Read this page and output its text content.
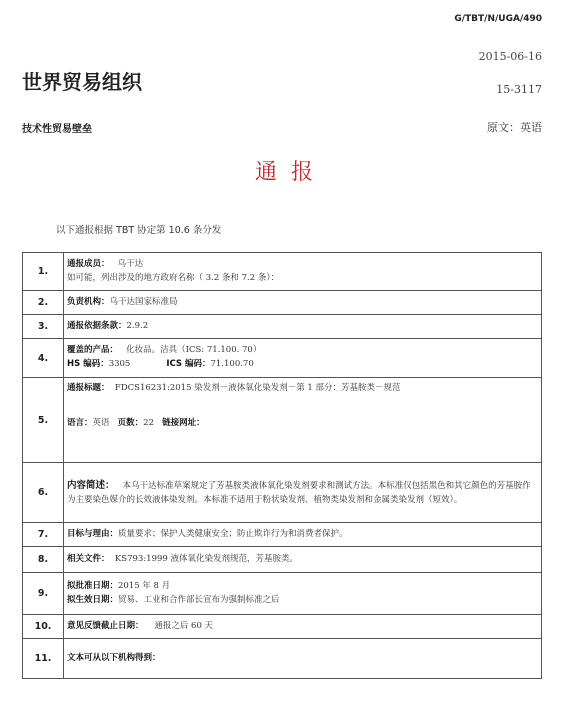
G/TBT/N/UGA/490
2015-06-16
世界贸易组织	15-3117
技术性贸易壁垒	原文：英语
通报
以下通报根据 TBT 协定第 10.6 条分发
1.	通报成员： 乌干达
如可能，列出涉及的地方政府名称（ 3.2 条和 7.2 条）：

2.	负责机构：乌干达国家标准局
3.	通报依据条款：2.9.2
4.	覆盖的产品： 化妆品。洁具（ICS: 71.100. 70）
HS 编码：3305 ICS 编码：71.100.70

5.	通报标题： FDCS16231:2015 染发剂－液体氧化染发剂－第 1 部分：芳基胺类－规范
语言：英语 页数：22 链接网址：

6.	内容简述： 本乌干达标准草案规定了芳基胺类液体氧化染发剂要求和测试方法。本标准仅包括黑色和其它颜色的芳基胺作为主要染色媒介的长效液体染发剂。本标准不适用于粉状染发剂、植物类染发剂和金属类染发剂（短效）。
7.	目标与理由：质量要求；保护人类健康安全；防止欺诈行为和消费者保护。
8.	相关文件： KS793:1999 液体氧化染发剂规范，芳基胺类。
9.	拟批准日期：2015 年 8 月
拟生效日期：贸易、工业和合作部长宣布为强制标准之后

10.	意见反馈截止日期： 通报之后 60 天
11.	文本可从以下机构得到：
